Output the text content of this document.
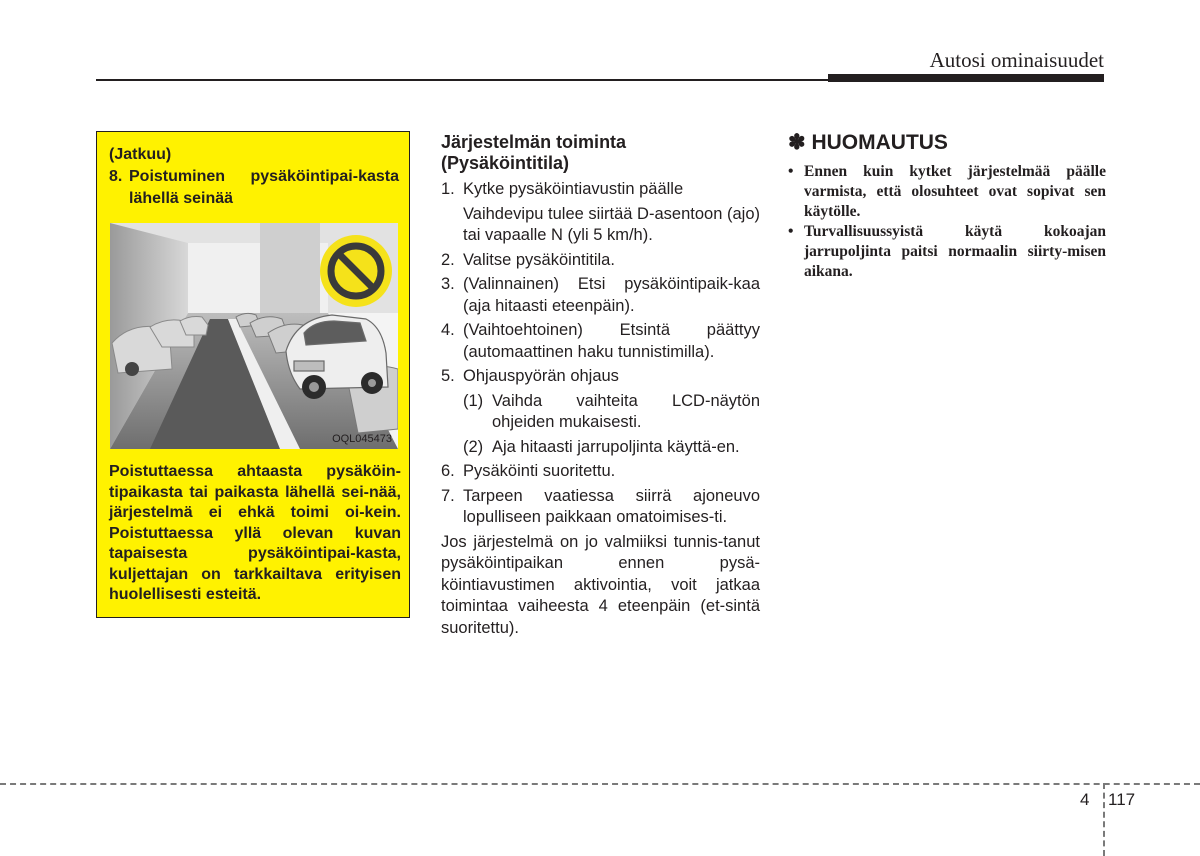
Autosi ominaisuudet
(Jatkuu)
8. Poistuminen pysäköintipai-kasta lähellä seinää
OQL045473
Poistuttaessa ahtaasta pysäköin-tipaikasta tai paikasta lähellä sei-nää, järjestelmä ei ehkä toimi oi-kein. Poistuttaessa yllä olevan kuvan tapaisesta pysäköintipai-kasta, kuljettajan on tarkkailtava erityisen huolellisesti esteitä.
Järjestelmän toiminta
(Pysäköintitila)
1. Kytke pysäköintiavustin päälle
Vaihdevipu tulee siirtää D-asentoon (ajo) tai vapaalle N (yli 5 km/h).
2. Valitse pysäköintitila.
3. (Valinnainen) Etsi pysäköintipaik-kaa (aja hitaasti eteenpäin).
4. (Vaihtoehtoinen) Etsintä päättyy (automaattinen haku tunnistimilla).
5. Ohjauspyörän ohjaus
(1) Vaihda vaihteita LCD-näytön ohjeiden mukaisesti.
(2) Aja hitaasti jarrupoljinta käyttä-en.
6. Pysäköinti suoritettu.
7. Tarpeen vaatiessa siirrä ajoneuvo lopulliseen paikkaan omatoimises-ti.
Jos järjestelmä on jo valmiiksi tunnis-tanut pysäköintipaikan ennen pysä-köintiavustimen aktivointia, voit jatkaa toimintaa vaiheesta 4 eteenpäin (et-sintä suoritettu).
✽ HUOMAUTUS
• Ennen kuin kytket järjestelmää päälle varmista, että olosuhteet ovat sopivat sen käytölle.
• Turvallisuussyistä käytä kokoajan jarrupoljinta paitsi normaalin siirty-misen aikana.
4 117
